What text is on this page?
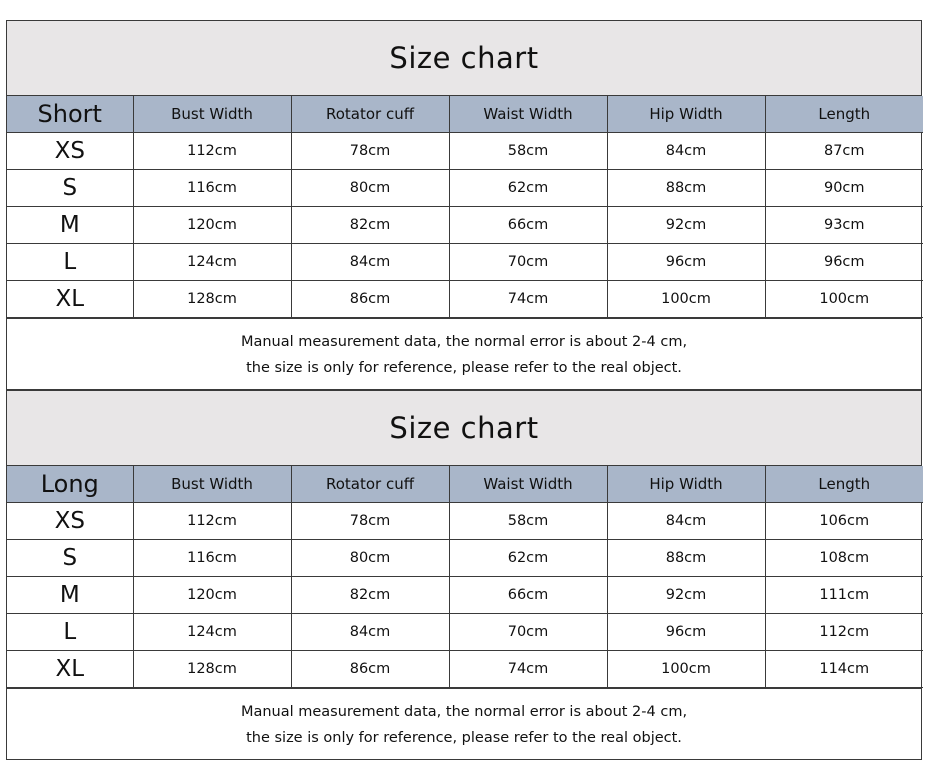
Size chart
Short	Bust Width	Rotator cuff	Waist Width	Hip Width	Length
XS	112cm	78cm	58cm	84cm	87cm
S	116cm	80cm	62cm	88cm	90cm
M	120cm	82cm	66cm	92cm	93cm
L	124cm	84cm	70cm	96cm	96cm
XL	128cm	86cm	74cm	100cm	100cm
Manual measurement data, the normal error is about 2-4 cm,
the size is only for reference, please refer to the real object.
Size chart
Long	Bust Width	Rotator cuff	Waist Width	Hip Width	Length
XS	112cm	78cm	58cm	84cm	106cm
S	116cm	80cm	62cm	88cm	108cm
M	120cm	82cm	66cm	92cm	111cm
L	124cm	84cm	70cm	96cm	112cm
XL	128cm	86cm	74cm	100cm	114cm
Manual measurement data, the normal error is about 2-4 cm,
the size is only for reference, please refer to the real object.
